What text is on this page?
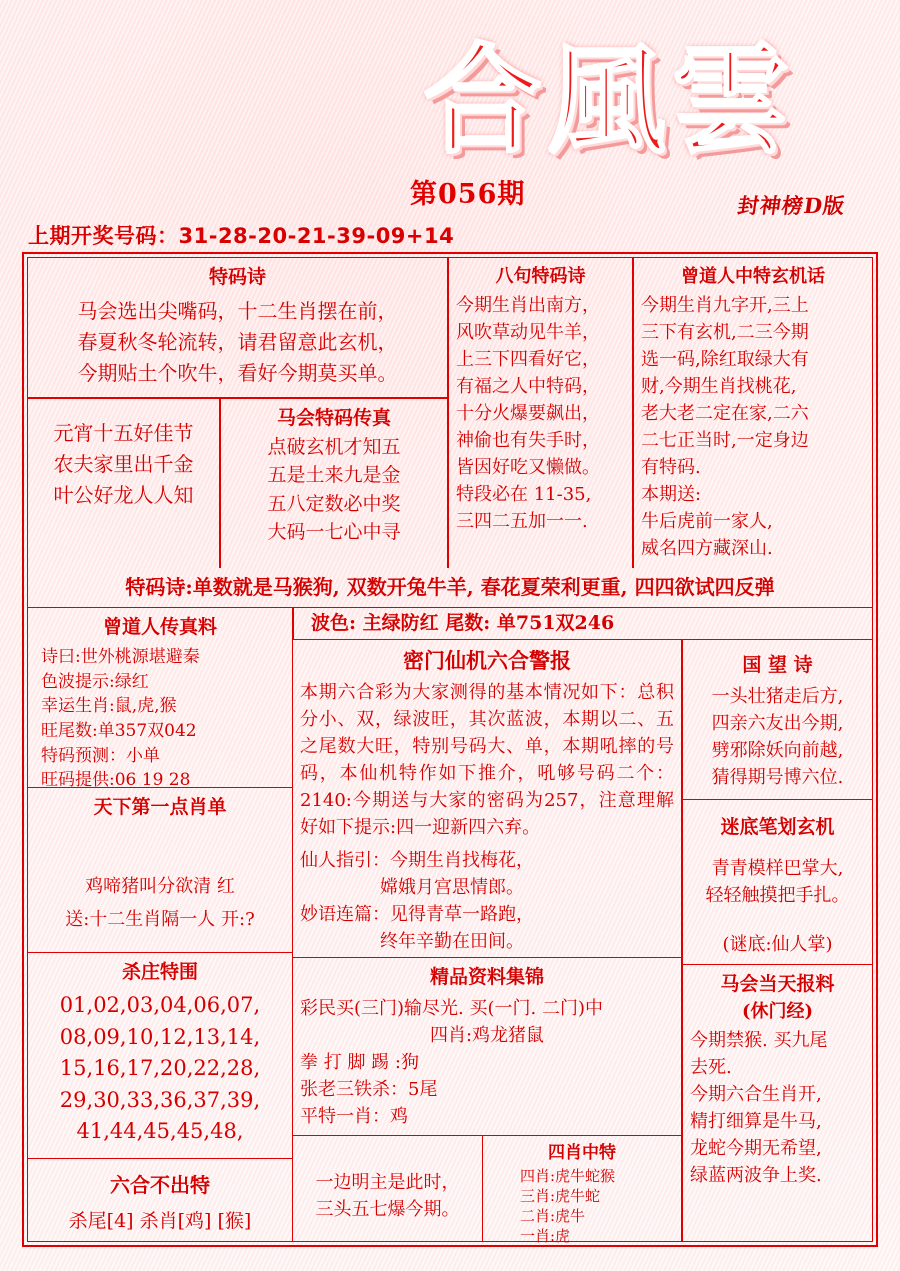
合風雲
第056期	封神榜D版
上期开奖号码：31-28-20-21-39-09+14
特码诗
马会选出尖嘴码，十二生肖摆在前，
春夏秋冬轮流转，请君留意此玄机，
今期贴土个吹牛，看好今期莫买单。
元宵十五好佳节
农夫家里出千金
叶公好龙人人知
马会特码传真
点破玄机才知五
五是土来九是金
五八定数必中奖
大码一七心中寻
八句特码诗
今期生肖出南方，
风吹草动见牛羊，
上三下四看好它，
有福之人中特码，
十分火爆要飙出，
神偷也有失手时，
皆因好吃又懒做。
特段必在 11-35,
三四二五加一一.
曾道人中特玄机话
今期生肖九字开,三上
三下有玄机,二三今期
选一码,除红取绿大有
财,今期生肖找桃花,
老大老二定在家,二六
二七正当时,一定身边
有特码.
本期送:
牛后虎前一家人,
威名四方藏深山.
特码诗:单数就是马猴狗, 双数开兔牛羊, 春花夏荣利更重, 四四欲试四反弹
曾道人传真料
诗曰:世外桃源堪避秦
色波提示:绿红
幸运生肖:鼠,虎,猴
旺尾数:单357双042
特码预测：小单
旺码提供:06 19 28
天下第一点肖单
鸡啼猪叫分欲清 红
送:十二生肖隔一人 开:?
杀庄特围
01,02,03,04,06,07,
08,09,10,12,13,14,
15,16,17,20,22,28,
29,30,33,36,37,39,
41,44,45,45,48,
六合不出特
杀尾[4] 杀肖[鸡] [猴]
波色: 主绿防红 尾数: 单751双246
密门仙机六合警报
本期六合彩为大家测得的基本情况如下：总积分小、双，绿波旺，其次蓝波，本期以二、五之尾数大旺，特别号码大、单，本期吼摔的号码，本仙机特作如下推介，吼够号码二个：2140:今期送与大家的密码为257，注意理解好如下提示:四一迎新四六弃。
仙人指引：今期生肖找梅花，
嫦娥月宫思情郎。
妙语连篇：见得青草一路跑，
终年辛勤在田间。
精品资料集锦
彩民买(三门)输尽光. 买(一门. 二门)中
四肖:鸡龙猪鼠
拳 打 脚 踢 :狗
张老三铁杀：5尾
平特一肖：鸡
一边明主是此时，
三头五七爆今期。
四肖中特
四肖:虎牛蛇猴
三肖:虎牛蛇
二肖:虎牛
一肖:虎
国 望 诗
一头壮猪走后方,
四亲六友出今期,
劈邪除妖向前越,
猜得期号博六位.
迷底笔划玄机
青青模样巴掌大,
轻轻触摸把手扎。
(谜底:仙人掌)
马会当天报料
(休门经)
今期禁猴. 买九尾
去死.
今期六合生肖开,
精打细算是牛马,
龙蛇今期无希望,
绿蓝两波争上奖.
